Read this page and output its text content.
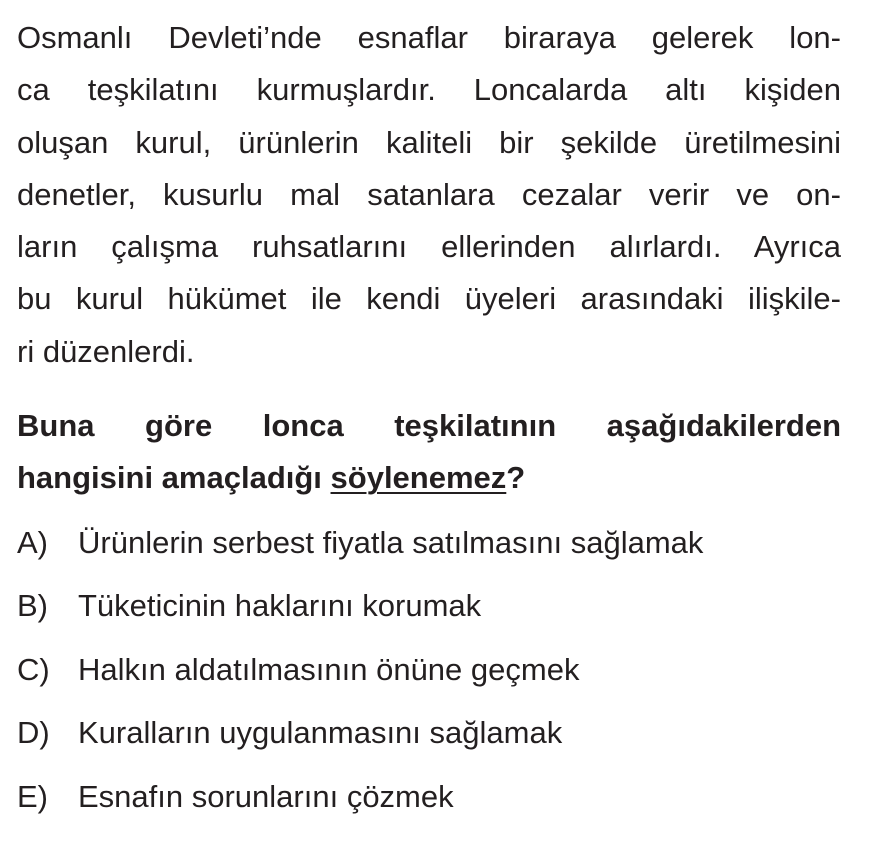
Osmanlı Devleti’nde esnaflar biraraya gelerek lon-
ca teşkilatını kurmuşlardır. Loncalarda altı kişiden
oluşan kurul, ürünlerin kaliteli bir şekilde üretilmesini
denetler, kusurlu mal satanlara cezalar verir ve on-
ların çalışma ruhsatlarını ellerinden alırlardı. Ayrıca
bu kurul hükümet ile kendi üyeleri arasındaki ilişkile-
ri düzenlerdi.

Buna göre lonca teşkilatının aşağıdakilerden
hangisini amaçladığı söylenemez?

A) Ürünlerin serbest fiyatla satılmasını sağlamak
B) Tüketicinin haklarını korumak
C) Halkın aldatılmasının önüne geçmek
D) Kuralların uygulanmasını sağlamak
E) Esnafın sorunlarını çözmek
